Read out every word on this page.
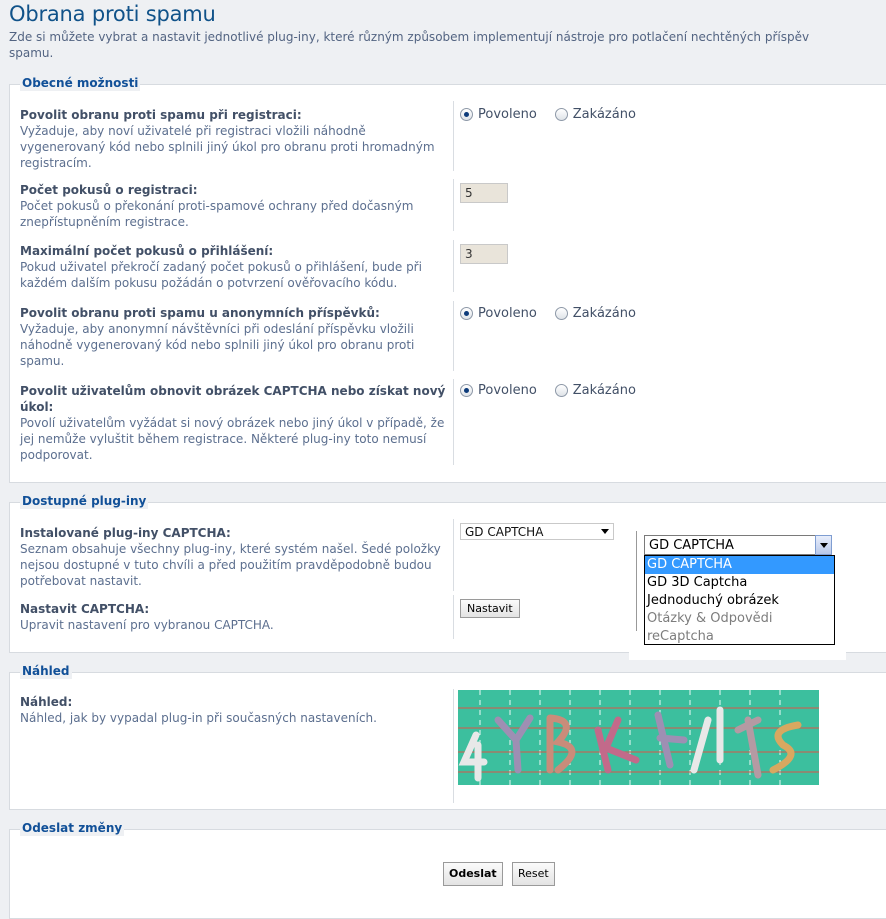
Obrana proti spamu
Zde si můžete vybrat a nastavit jednotlivé plug-iny, které různým způsobem implementují nástroje pro potlačení nechtěných příspěv
spamu.
Obecné možnosti
Povolit obranu proti spamu při registraci:
Vyžaduje, aby noví uživatelé při registraci vložili náhodně vygenerovaný kód nebo splnili jiný úkol pro obranu proti hromadným registracím.
Povoleno	Zakázáno
Počet pokusů o registraci:
Počet pokusů o překonání proti-spamové ochrany před dočasným znepřístupněním registrace.
5
Maximální počet pokusů o přihlášení:
Pokud uživatel překročí zadaný počet pokusů o přihlášení, bude při každém dalším pokusu požádán o potvrzení ověřovacího kódu.
3
Povolit obranu proti spamu u anonymních příspěvků:
Vyžaduje, aby anonymní návštěvníci při odeslání příspěvku vložili náhodně vygenerovaný kód nebo splnili jiný úkol pro obranu proti spamu.
Povoleno	Zakázáno
Povolit uživatelům obnovit obrázek CAPTCHA nebo získat nový úkol:
Povolí uživatelům vyžádat si nový obrázek nebo jiný úkol v případě, že jej nemůže vyluštit během registrace. Některé plug-iny toto nemusí podporovat.
Povoleno	Zakázáno
Dostupné plug-iny
Instalované plug-iny CAPTCHA:
Seznam obsahuje všechny plug-iny, které systém našel. Šedé položky nejsou dostupné v tuto chvíli a před použitím pravděpodobně budou potřebovat nastavit.
GD CAPTCHA
Nastavit CAPTCHA:
Upravit nastavení pro vybranou CAPTCHA.
Nastavit
Náhled
Náhled:
Náhled, jak by vypadal plug-in při současných nastaveních.
Odeslat změny
Odeslat	Reset
GD CAPTCHA
GD CAPTCHA
GD 3D Captcha
Jednoduchý obrázek
Otázky & Odpovědi
reCaptcha
